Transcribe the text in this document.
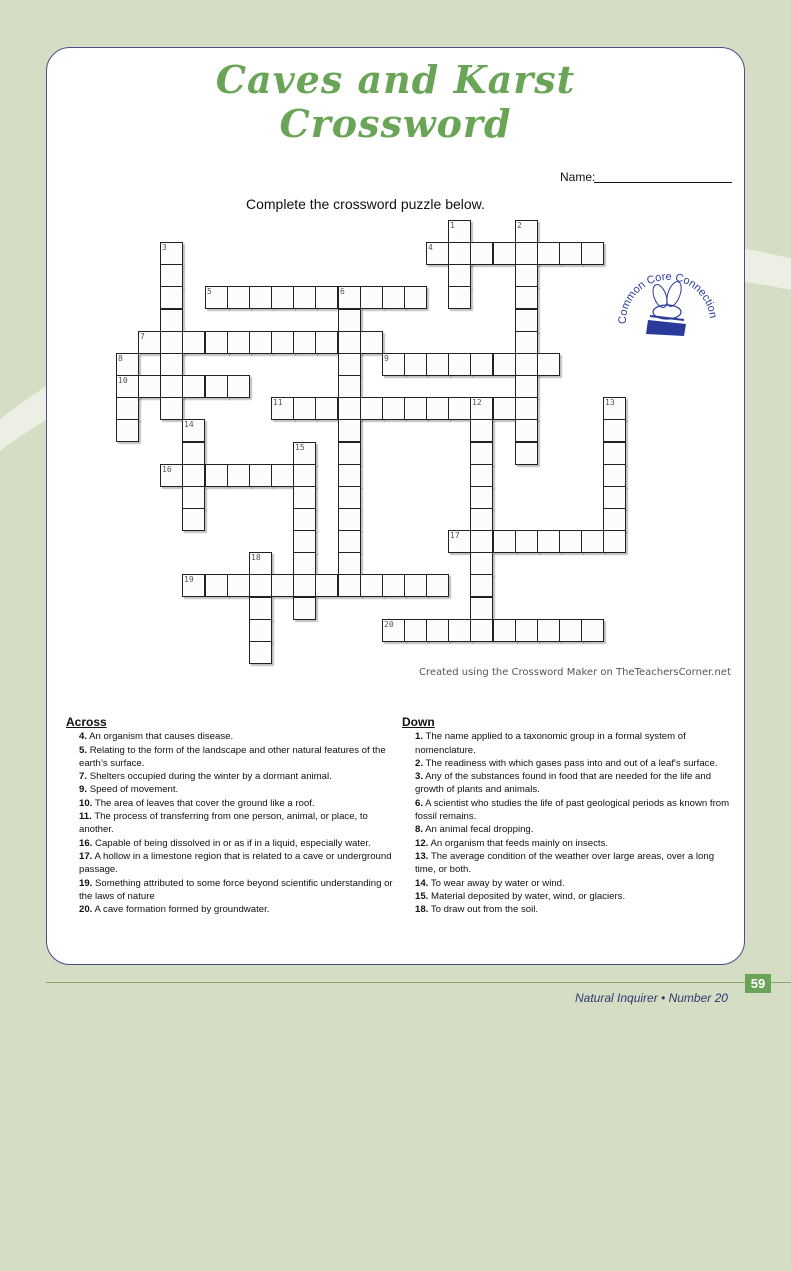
Caves and Karst
Crossword
Name:
Complete the crossword puzzle below.
1	2
3	4
5	6
7
8	9
10
11	12	13
14
15
16
17
18
19
20
Common Core Connection
Created using the Crossword Maker on TheTeachersCorner.net
Across
4. An organism that causes disease.
5. Relating to the form of the landscape and other natural features of the earth’s surface.
7. Shelters occupied during the winter by a dormant animal.
9. Speed of movement.
10. The area of leaves that cover the ground like a roof.
11. The process of transferring from one person, animal, or place, to another.
16. Capable of being dissolved in or as if in a liquid, especially water.
17. A hollow in a limestone region that is related to a cave or underground passage.
19. Something attributed to some force beyond scientific understanding or the laws of nature
20. A cave formation formed by groundwater.
Down
1. The name applied to a taxonomic group in a formal system of nomenclature.
2. The readiness with which gases pass into and out of a leaf's surface.
3. Any of the substances found in food that are needed for the life and growth of plants and animals.
6. A scientist who studies the life of past geological periods as known from fossil remains.
8. An animal fecal dropping.
12. An organism that feeds mainly on insects.
13. The average condition of the weather over large areas, over a long time, or both.
14. To wear away by water or wind.
15. Material deposited by water, wind, or glaciers.
18. To draw out from the soil.
59
Natural Inquirer • Number 20
